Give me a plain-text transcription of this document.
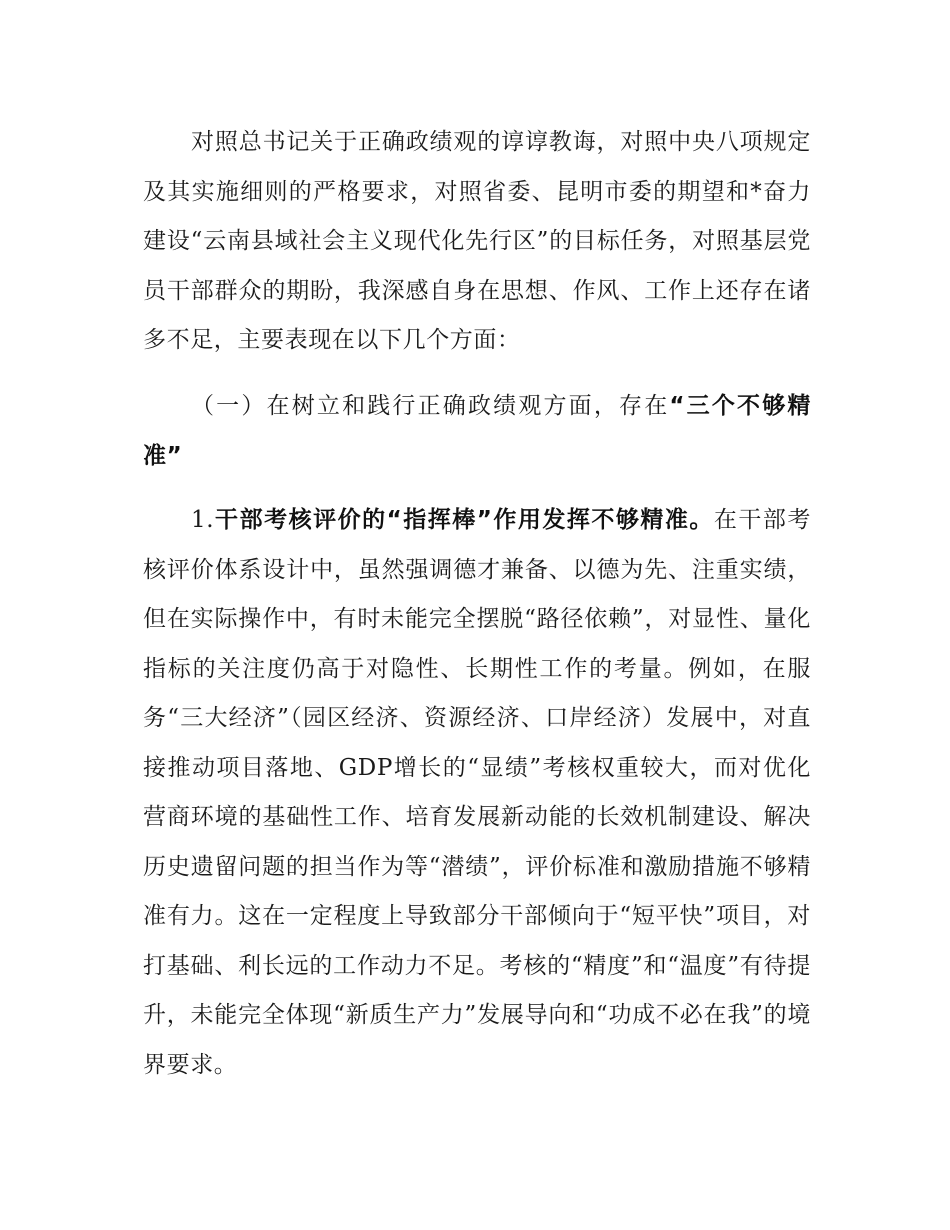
对照总书记关于正确政绩观的谆谆教诲，对照中央八项规定及其实施细则的严格要求，对照省委、昆明市委的期望和*奋力建设“云南县域社会主义现代化先行区”的目标任务，对照基层党员干部群众的期盼，我深感自身在思想、作风、工作上还存在诸多不足，主要表现在以下几个方面：

（一）在树立和践行正确政绩观方面，存在“三个不够精准”

1.干部考核评价的“指挥棒”作用发挥不够精准。在干部考核评价体系设计中，虽然强调德才兼备、以德为先、注重实绩，但在实际操作中，有时未能完全摆脱“路径依赖”，对显性、量化指标的关注度仍高于对隐性、长期性工作的考量。例如，在服务“三大经济”（园区经济、资源经济、口岸经济）发展中，对直接推动项目落地、GDP增长的“显绩”考核权重较大，而对优化营商环境的基础性工作、培育发展新动能的长效机制建设、解决历史遗留问题的担当作为等“潜绩”，评价标准和激励措施不够精准有力。这在一定程度上导致部分干部倾向于“短平快”项目，对打基础、利长远的工作动力不足。考核的“精度”和“温度”有待提升，未能完全体现“新质生产力”发展导向和“功成不必在我”的境界要求。
